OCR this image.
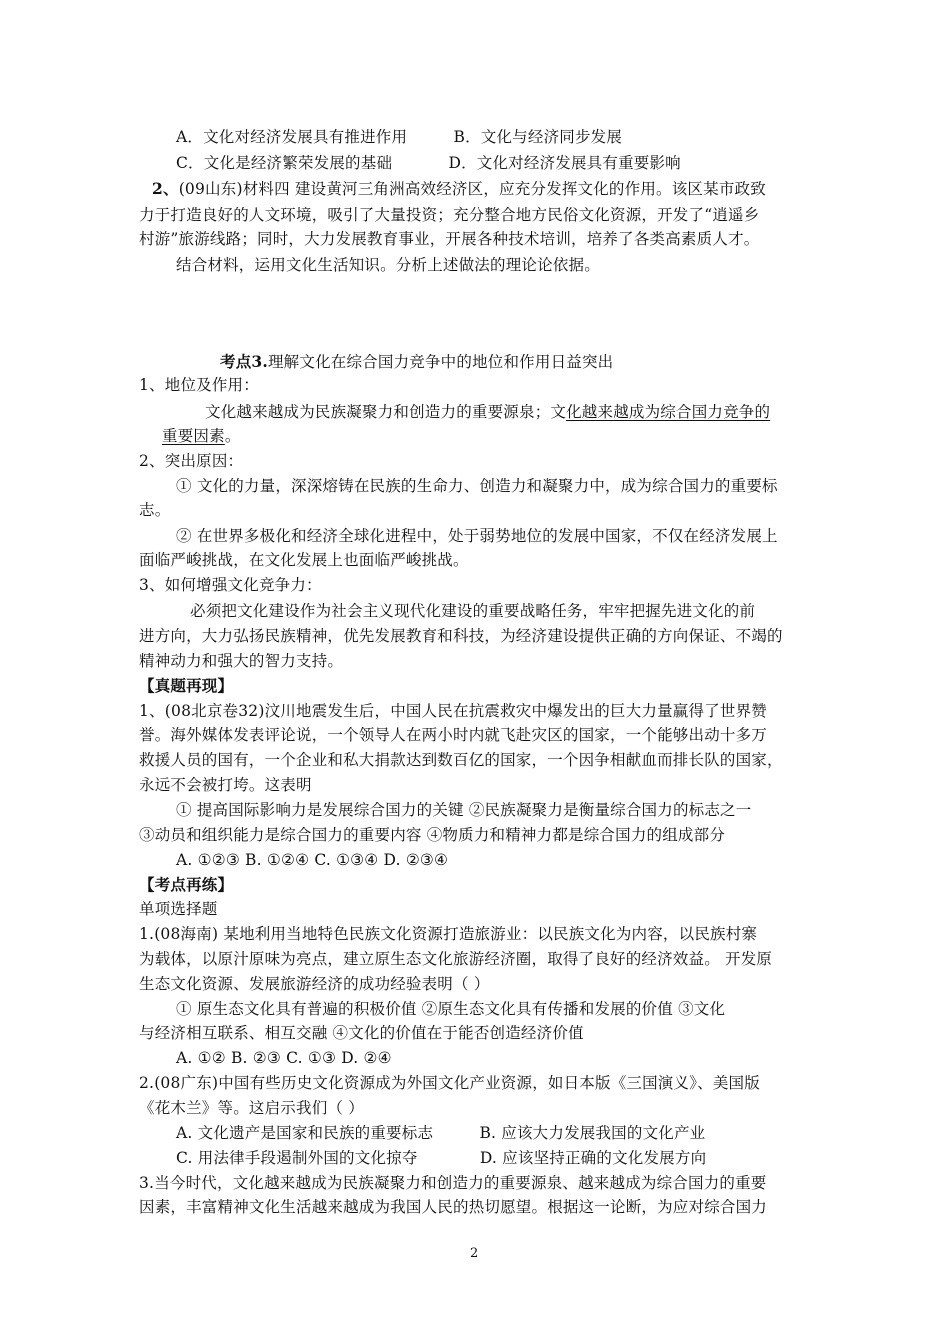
A．文化对经济发展具有推进作用	B．文化与经济同步发展
C．文化是经济繁荣发展的基础	D．文化对经济发展具有重要影响
2、(09山东)材料四 建设黄河三角洲高效经济区，应充分发挥文化的作用。该区某市政致
力于打造良好的人文环境，吸引了大量投资；充分整合地方民俗文化资源，开发了“逍遥乡
村游”旅游线路；同时，大力发展教育事业，开展各种技术培训，培养了各类高素质人才。
结合材料，运用文化生活知识。分析上述做法的理论论依据。
考点3.理解文化在综合国力竞争中的地位和作用日益突出
1、地位及作用：
文化越来越成为民族凝聚力和创造力的重要源泉；文化越来越成为综合国力竞争的
重要因素。
2、突出原因：
① 文化的力量，深深熔铸在民族的生命力、创造力和凝聚力中，成为综合国力的重要标
志。
② 在世界多极化和经济全球化进程中，处于弱势地位的发展中国家，不仅在经济发展上
面临严峻挑战，在文化发展上也面临严峻挑战。
3、如何增强文化竞争力：
必须把文化建设作为社会主义现代化建设的重要战略任务，牢牢把握先进文化的前
进方向，大力弘扬民族精神，优先发展教育和科技，为经济建设提供正确的方向保证、不竭的
精神动力和强大的智力支持。
【真题再现】
1、(08北京卷32)汶川地震发生后，中国人民在抗震救灾中爆发出的巨大力量赢得了世界赞
誉。海外媒体发表评论说，一个领导人在两小时内就飞赴灾区的国家，一个能够出动十多万
救援人员的国有，一个企业和私大捐款达到数百亿的国家，一个因争相献血而排长队的国家，
永远不会被打垮。这表明
① 提高国际影响力是发展综合国力的关键 ②民族凝聚力是衡量综合国力的标志之一
③动员和组织能力是综合国力的重要内容 ④物质力和精神力都是综合国力的组成部分
A. ①②③ B. ①②④ C. ①③④ D. ②③④
【考点再练】
单项选择题
1.(08海南) 某地利用当地特色民族文化资源打造旅游业：以民族文化为内容，以民族村寨
为载体，以原汁原味为亮点，建立原生态文化旅游经济圈，取得了良好的经济效益。 开发原
生态文化资源、发展旅游经济的成功经验表明（ ）
① 原生态文化具有普遍的积极价值 ②原生态文化具有传播和发展的价值 ③文化
与经济相互联系、相互交融 ④文化的价值在于能否创造经济价值
A. ①② B. ②③ C. ①③ D. ②④
2.(08广东)中国有些历史文化资源成为外国文化产业资源，如日本版《三国演义》、美国版
《花木兰》等。这启示我们（ ）
A. 文化遗产是国家和民族的重要标志	B. 应该大力发展我国的文化产业
C. 用法律手段遏制外国的文化掠夺	D. 应该坚持正确的文化发展方向
3.当今时代，文化越来越成为民族凝聚力和创造力的重要源泉、越来越成为综合国力的重要
因素，丰富精神文化生活越来越成为我国人民的热切愿望。根据这一论断，为应对综合国力
2
